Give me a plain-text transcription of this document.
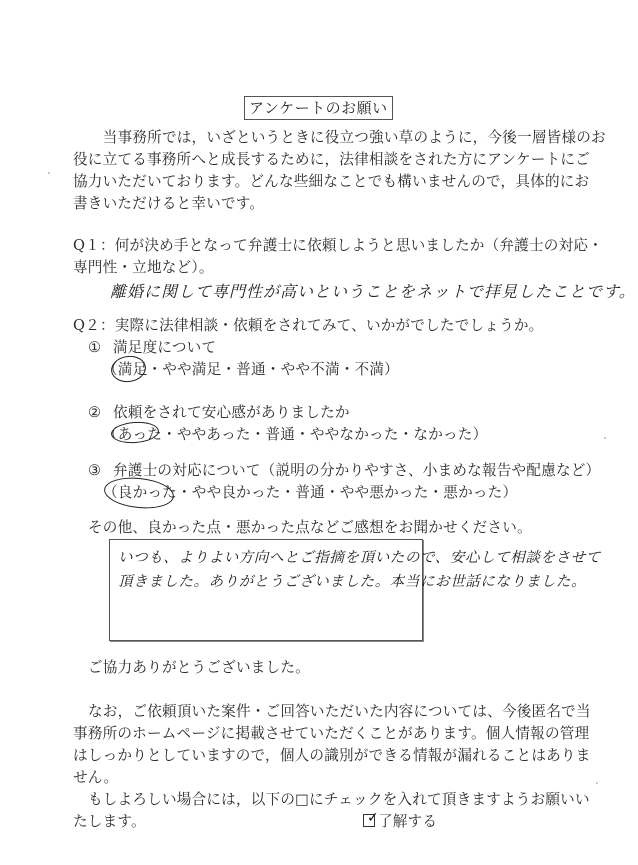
アンケートのお願い
　当事務所では，いざというときに役立つ強い草のように，今後一層皆様のお
役に立てる事務所へと成長するために，法律相談をされた方にアンケートにご
協力いただいております。どんな些細なことでも構いませんので，具体的にお
書きいただけると幸いです。
Q１：何が決め手となって弁護士に依頼しようと思いましたか（弁護士の対応・
専門性・立地など）。
離婚に関して専門性が高いということをネットで拝見したことです。
Q２：実際に法律相談・依頼をされてみて、いかがでしたでしょうか。
① 満足度について
（満足・やや満足・普通・やや不満・不満）
② 依頼をされて安心感がありましたか
（あった・ややあった・普通・ややなかった・なかった）
③ 弁護士の対応について（説明の分かりやすさ、小まめな報告や配慮など）
（良かった・やや良かった・普通・やや悪かった・悪かった）
その他、良かった点・悪かった点などご感想をお聞かせください。
いつも、よりよい方向へとご指摘を頂いたので、安心して相談をさせて
頂きました。ありがとうございました。本当にお世話になりました。
ご協力ありがとうございました。
なお，ご依頼頂いた案件・ご回答いただいた内容については、今後匿名で当
事務所のホームページに掲載させていただくことがあります。個人情報の管理
はしっかりとしていますので，個人の識別ができる情報が漏れることはありま
せん。
もしよろしい場合には，以下の□にチェックを入れて頂きますようお願いい
たします。	✓ 了解する
